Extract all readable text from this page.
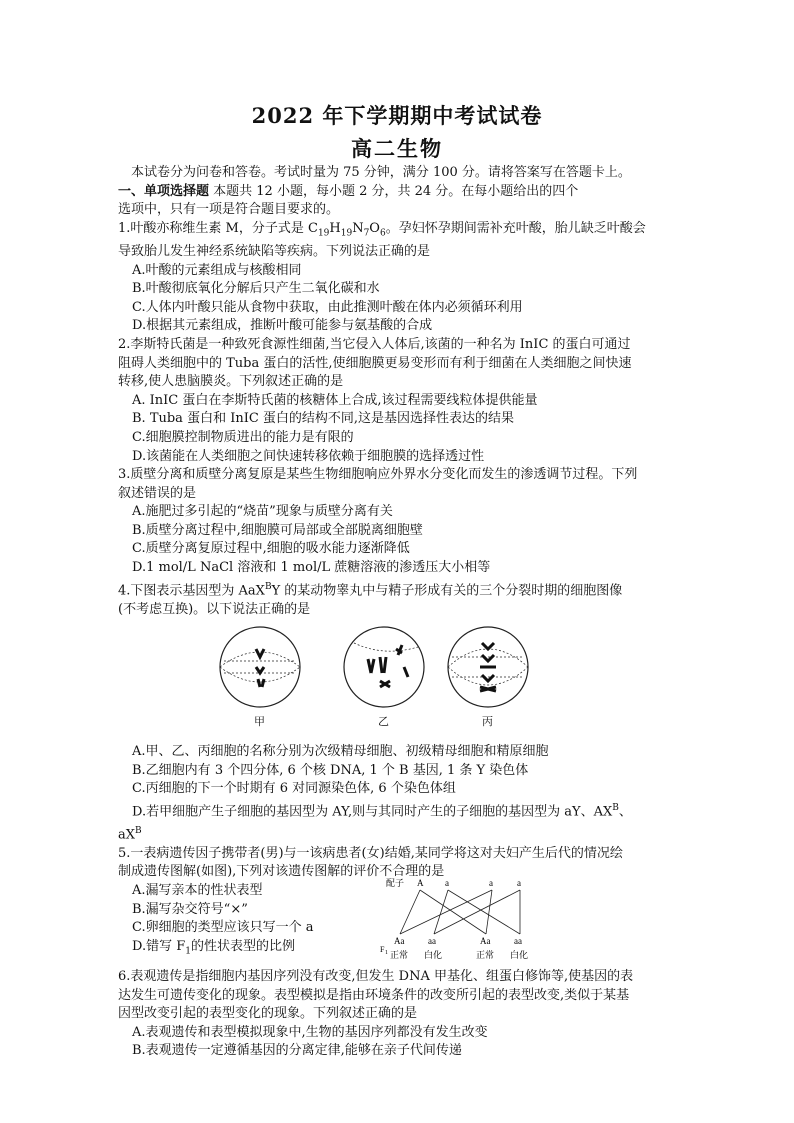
2022 年下学期期中考试试卷
高二生物

本试卷分为问卷和答卷。考试时量为 75 分钟，满分 100 分。请将答案写在答题卡上。

一、单项选择题 本题共 12 小题，每小题 2 分，共 24 分。在每小题给出的四个

选项中，只有一项是符合题目要求的。

1.叶酸亦称维生素 M，分子式是 $C_{19}H_{19}N_7O_6$。孕妇怀孕期间需补充叶酸，胎儿缺乏叶酸会

导致胎儿发生神经系统缺陷等疾病。下列说法正确的是

A.叶酸的元素组成与核酸相同

B.叶酸彻底氧化分解后只产生二氧化碳和水

C.人体内叶酸只能从食物中获取，由此推测叶酸在体内必须循环利用

D.根据其元素组成，推断叶酸可能参与氨基酸的合成

2.李斯特氏菌是一种致死食源性细菌,当它侵入人体后,该菌的一种名为 InIC 的蛋白可通过

阻碍人类细胞中的 Tuba 蛋白的活性,使细胞膜更易变形而有利于细菌在人类细胞之间快速

转移,使人患脑膜炎。下列叙述正确的是

A. InIC 蛋白在李斯特氏菌的核糖体上合成,该过程需要线粒体提供能量

B. Tuba 蛋白和 InIC 蛋白的结构不同,这是基因选择性表达的结果

C.细胞膜控制物质进出的能力是有限的

D.该菌能在人类细胞之间快速转移依赖于细胞膜的选择透过性

3.质壁分离和质壁分离复原是某些生物细胞响应外界水分变化而发生的渗透调节过程。下列

叙述错误的是

A.施肥过多引起的“烧苗”现象与质壁分离有关

B.质壁分离过程中,细胞膜可局部或全部脱离细胞壁

C.质壁分离复原过程中,细胞的吸水能力逐渐降低

D.1 mol/L NaCl 溶液和 1 mol/L 蔗糖溶液的渗透压大小相等

4.下图表示基因型为 AaX$^B$Y 的某动物睾丸中与精子形成有关的三个分裂时期的细胞图像

(不考虑互换)。以下说法正确的是

甲	乙	丙

A.甲、乙、丙细胞的名称分别为次级精母细胞、初级精母细胞和精原细胞

B.乙细胞内有 3 个四分体, 6 个核 DNA, 1 个 B 基因, 1 条 Y 染色体

C.丙细胞的下一个时期有 6 对同源染色体, 6 个染色体组

D.若甲细胞产生子细胞的基因型为 AY,则与其同时产生的子细胞的基因型为 aY、$AX^B$、

$aX^B$

5.一表病遗传因子携带者(男)与一该病患者(女)结婚,某同学将这对夫妇产生后代的情况绘

制成遗传图解(如图),下列对该遗传图解的评价不合理的是

A.漏写亲本的性状表型

B.漏写杂交符号“×”

C.卵细胞的类型应该只写一个 a

D.错写 $F_1$的性状表型的比例

配子 A a	a	a
F 1
Aa	aa	Aa	aa
正常 白化	正常 白化

6.表观遗传是指细胞内基因序列没有改变,但发生 DNA 甲基化、组蛋白修饰等,使基因的表

达发生可遗传变化的现象。表型模拟是指由环境条件的改变所引起的表型改变,类似于某基

因型改变引起的表型变化的现象。下列叙述正确的是

A.表观遗传和表型模拟现象中,生物的基因序列都没有发生改变

B.表观遗传一定遵循基因的分离定律,能够在亲子代间传递
